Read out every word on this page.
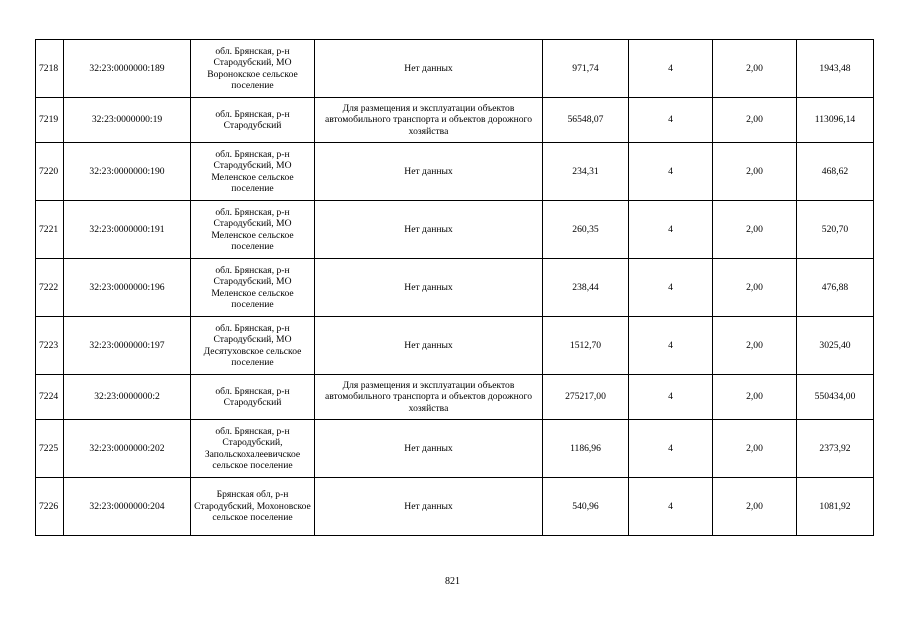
7218	32:23:0000000:189	обл. Брянская, р-н Стародубский, МО Воронокское сельское поселение	Нет данных	971,74	4	2,00	1943,48
7219	32:23:0000000:19	обл. Брянская, р-н Стародубский	Для размещения и эксплуатации объектов автомобильного транспорта и объектов дорожного хозяйства	56548,07	4	2,00	113096,14
7220	32:23:0000000:190	обл. Брянская, р-н Стародубский, МО Меленское сельское поселение	Нет данных	234,31	4	2,00	468,62
7221	32:23:0000000:191	обл. Брянская, р-н Стародубский, МО Меленское сельское поселение	Нет данных	260,35	4	2,00	520,70
7222	32:23:0000000:196	обл. Брянская, р-н Стародубский, МО Меленское сельское поселение	Нет данных	238,44	4	2,00	476,88
7223	32:23:0000000:197	обл. Брянская, р-н Стародубский, МО Десятуховское сельское поселение	Нет данных	1512,70	4	2,00	3025,40
7224	32:23:0000000:2	обл. Брянская, р-н Стародубский	Для размещения и эксплуатации объектов автомобильного транспорта и объектов дорожного хозяйства	275217,00	4	2,00	550434,00
7225	32:23:0000000:202	обл. Брянская, р-н Стародубский, Запольскохалеевичское сельское поселение	Нет данных	1186,96	4	2,00	2373,92
7226	32:23:0000000:204	Брянская обл, р-н Стародубский, Мохоновское сельское поселение	Нет данных	540,96	4	2,00	1081,92
821
